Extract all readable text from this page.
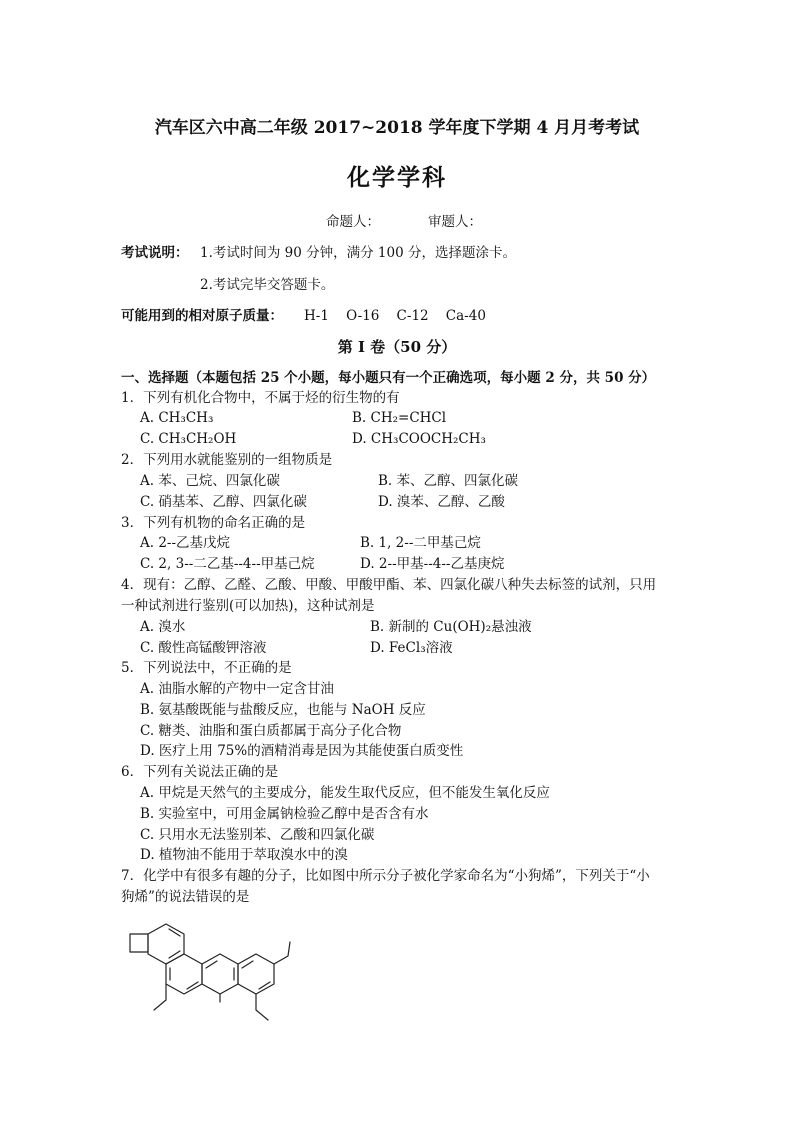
汽车区六中高二年级 2017~2018 学年度下学期 4 月月考考试
化学学科
命题人：	审题人：
考试说明： 1.考试时间为 90 分钟，满分 100 分，选择题涂卡。
2.考试完毕交答题卡。
可能用到的相对原子质量： H-1    O-16    C-12    Ca-40
第 I 卷（50 分）
一、选择题（本题包括 25 个小题，每小题只有一个正确选项，每小题 2 分，共 50 分）
1．下列有机化合物中，不属于烃的衍生物的有
A. CH₃CH₃	B. CH₂=CHCl
C. CH₃CH₂OH	D. CH₃COOCH₂CH₃
2．下列用水就能鉴别的一组物质是
A. 苯、己烷、四氯化碳	B. 苯、乙醇、四氯化碳
C. 硝基苯、乙醇、四氯化碳	D. 溴苯、乙醇、乙酸
3．下列有机物的命名正确的是
A. 2--乙基戊烷	B. 1, 2--二甲基己烷
C. 2, 3--二乙基--4--甲基己烷	D. 2--甲基--4--乙基庚烷
4．现有：乙醇、乙醛、乙酸、甲酸、甲酸甲酯、苯、四氯化碳八种失去标签的试剂，只用
一种试剂进行鉴别(可以加热)，这种试剂是
A. 溴水	B. 新制的 Cu(OH)₂悬浊液
C. 酸性高锰酸钾溶液	D. FeCl₃溶液
5．下列说法中，不正确的是
A. 油脂水解的产物中一定含甘油
B. 氨基酸既能与盐酸反应，也能与 NaOH 反应
C. 糖类、油脂和蛋白质都属于高分子化合物
D. 医疗上用 75%的酒精消毒是因为其能使蛋白质变性
6．下列有关说法正确的是
A. 甲烷是天然气的主要成分，能发生取代反应，但不能发生氧化反应
B. 实验室中，可用金属钠检验乙醇中是否含有水
C. 只用水无法鉴别苯、乙酸和四氯化碳
D. 植物油不能用于萃取溴水中的溴
7．化学中有很多有趣的分子，比如图中所示分子被化学家命名为“小狗烯”，下列关于“小
狗烯”的说法错误的是
